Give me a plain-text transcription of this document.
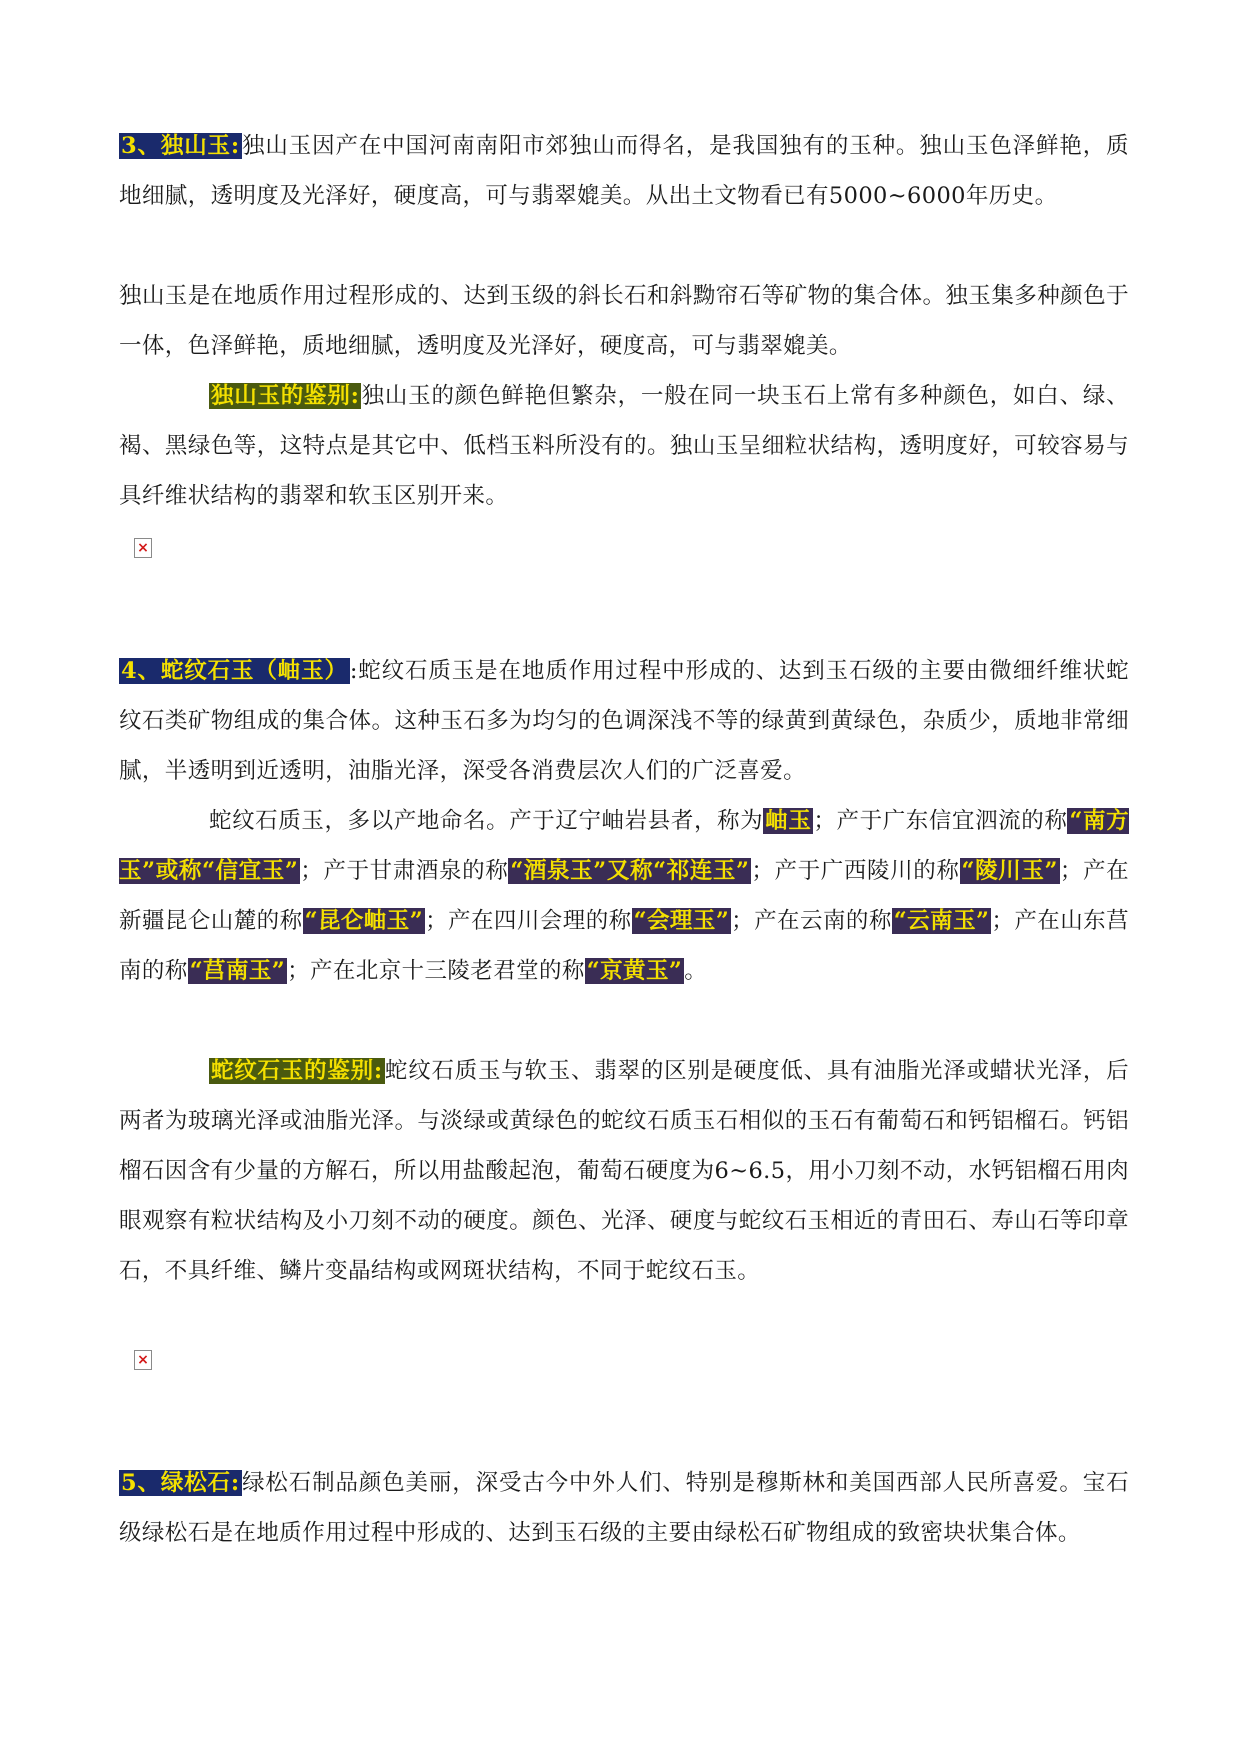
3、独山玉:独山玉因产在中国河南南阳市郊独山而得名，是我国独有的玉种。独山玉色泽鲜艳，质地细腻，透明度及光泽好，硬度高，可与翡翠媲美。从出土文物看已有5000~6000年历史。
独山玉是在地质作用过程形成的、达到玉级的斜长石和斜黝帘石等矿物的集合体。独玉集多种颜色于一体，色泽鲜艳，质地细腻，透明度及光泽好，硬度高，可与翡翠媲美。
独山玉的鉴别:独山玉的颜色鲜艳但繁杂，一般在同一块玉石上常有多种颜色，如白、绿、褐、黑绿色等，这特点是其它中、低档玉料所没有的。独山玉呈细粒状结构，透明度好，可较容易与具纤维状结构的翡翠和软玉区别开来。
×
4、蛇纹石玉（岫玉）:蛇纹石质玉是在地质作用过程中形成的、达到玉石级的主要由微细纤维状蛇纹石类矿物组成的集合体。这种玉石多为均匀的色调深浅不等的绿黄到黄绿色，杂质少，质地非常细腻，半透明到近透明，油脂光泽，深受各消费层次人们的广泛喜爱。
蛇纹石质玉，多以产地命名。产于辽宁岫岩县者，称为岫玉；产于广东信宜泗流的称“南方玉”或称“信宜玉”；产于甘肃酒泉的称“酒泉玉”又称“祁连玉”；产于广西陵川的称“陵川玉”；产在新疆昆仑山麓的称“昆仑岫玉”；产在四川会理的称“会理玉”；产在云南的称“云南玉”；产在山东莒南的称“莒南玉”；产在北京十三陵老君堂的称“京黄玉”。
蛇纹石玉的鉴别:蛇纹石质玉与软玉、翡翠的区别是硬度低、具有油脂光泽或蜡状光泽，后两者为玻璃光泽或油脂光泽。与淡绿或黄绿色的蛇纹石质玉石相似的玉石有葡萄石和钙铝榴石。钙铝榴石因含有少量的方解石，所以用盐酸起泡，葡萄石硬度为6~6.5，用小刀刻不动，水钙铝榴石用肉眼观察有粒状结构及小刀刻不动的硬度。颜色、光泽、硬度与蛇纹石玉相近的青田石、寿山石等印章石，不具纤维、鳞片变晶结构或网斑状结构，不同于蛇纹石玉。
×
5、绿松石:绿松石制品颜色美丽，深受古今中外人们、特别是穆斯林和美国西部人民所喜爱。宝石级绿松石是在地质作用过程中形成的、达到玉石级的主要由绿松石矿物组成的致密块状集合体。
